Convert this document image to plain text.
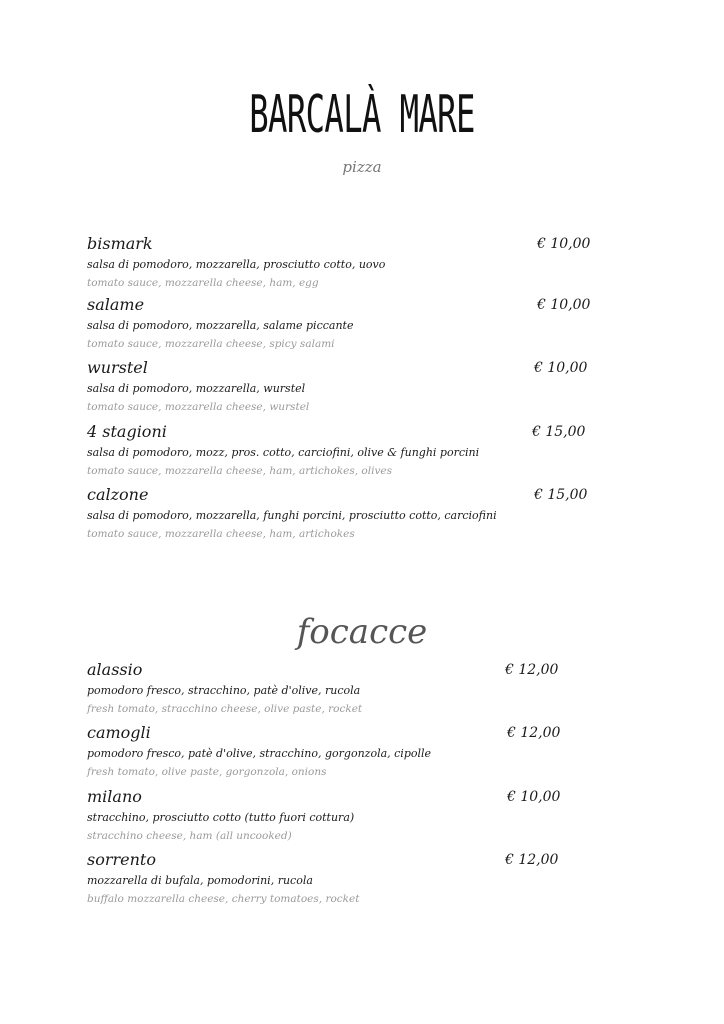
BARCALÀ MARE
pizza
bismark	€ 10,00
salsa di pomodoro, mozzarella, prosciutto cotto, uovo
tomato sauce, mozzarella cheese, ham, egg
salame	€ 10,00
salsa di pomodoro, mozzarella, salame piccante
tomato sauce, mozzarella cheese, spicy salami
wurstel	€ 10,00
salsa di pomodoro, mozzarella, wurstel
tomato sauce, mozzarella cheese, wurstel
4 stagioni	€ 15,00
salsa di pomodoro, mozz, pros. cotto, carciofini, olive & funghi porcini
tomato sauce, mozzarella cheese, ham, artichokes, olives
calzone	€ 15,00
salsa di pomodoro, mozzarella, funghi porcini, prosciutto cotto, carciofini
tomato sauce, mozzarella cheese, ham, artichokes
focacce
alassio	€ 12,00
pomodoro fresco, stracchino, patè d'olive, rucola
fresh tomato, stracchino cheese, olive paste, rocket
camogli	€ 12,00
pomodoro fresco, patè d'olive, stracchino, gorgonzola, cipolle
fresh tomato, olive paste, gorgonzola, onions
milano	€ 10,00
stracchino, prosciutto cotto (tutto fuori cottura)
stracchino cheese, ham (all uncooked)
sorrento	€ 12,00
mozzarella di bufala, pomodorini, rucola
buffalo mozzarella cheese, cherry tomatoes, rocket
